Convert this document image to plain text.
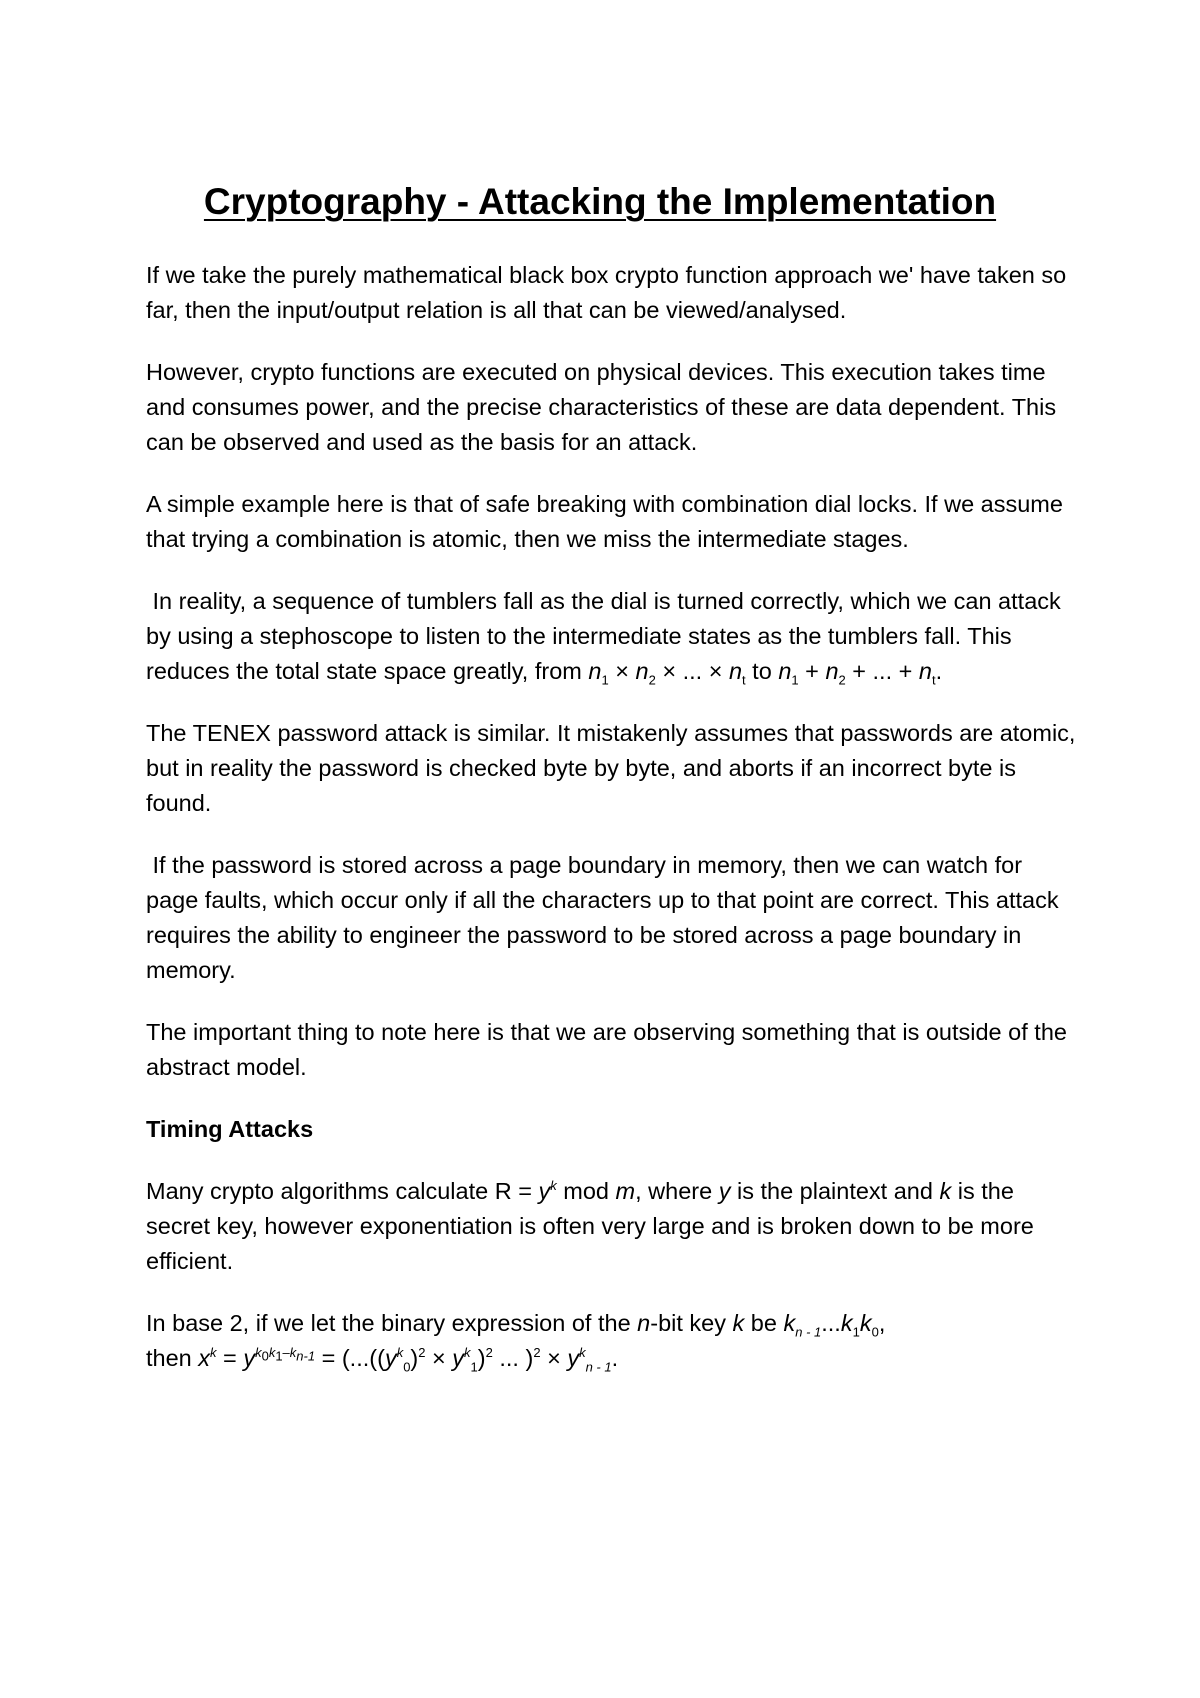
Cryptography - Attacking the Implementation

If we take the purely mathematical black box crypto function approach we' have taken so far, then the input/output relation is all that can be viewed/analysed.

However, crypto functions are executed on physical devices. This execution takes time and consumes power, and the precise characteristics of these are data dependent. This can be observed and used as the basis for an attack.

A simple example here is that of safe breaking with combination dial locks. If we assume that trying a combination is atomic, then we miss the intermediate stages.

In reality, a sequence of tumblers fall as the dial is turned correctly, which we can attack by using a stephoscope to listen to the intermediate states as the tumblers fall. This reduces the total state space greatly, from $n_1 \times n_2$ × ... × $n_t$ to $n_1 + n_2$ + ... + $n_t$.

The TENEX password attack is similar. It mistakenly assumes that passwords are atomic, but in reality the password is checked byte by byte, and aborts if an incorrect byte is found.

If the password is stored across a page boundary in memory, then we can watch for page faults, which occur only if all the characters up to that point are correct. This attack requires the ability to engineer the password to be stored across a page boundary in memory.

The important thing to note here is that we are observing something that is outside of the abstract model.

Timing Attacks

Many crypto algorithms calculate $R = y^k$ mod m, where y is the plaintext and k is the secret key, however exponentiation is often very large and is broken down to be more efficient.

In base 2, if we let the binary expression of the n-bit key k be $k_{n - 1}...k_1k_0$,
then $x^k = y^{k_0k_1-k_{n-1}} = (...((y^k_0)^2 \times y^k_1)^2$ ... )$^2 \times y^k_{n - 1}$.
